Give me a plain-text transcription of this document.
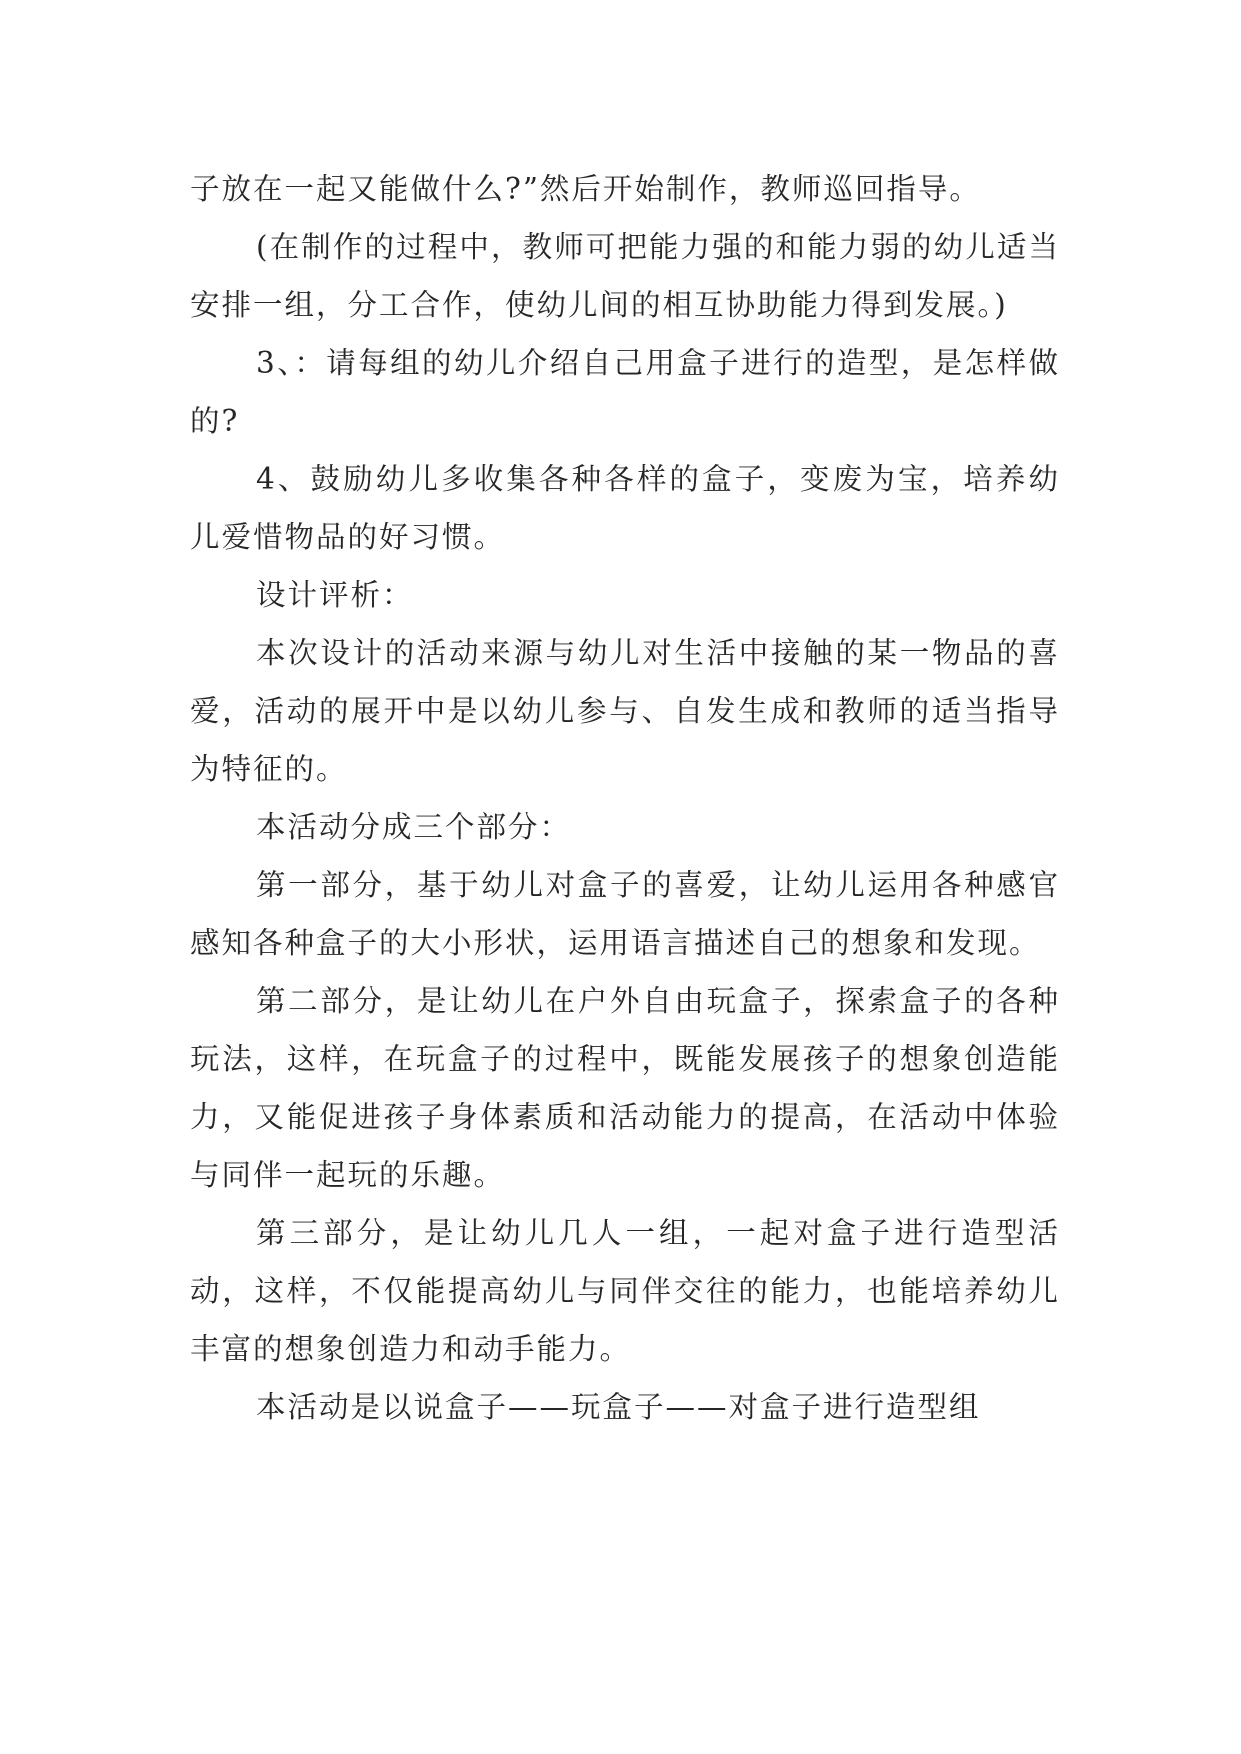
子放在一起又能做什么?”然后开始制作，教师巡回指导。

(在制作的过程中，教师可把能力强的和能力弱的幼儿适当安排一组，分工合作，使幼儿间的相互协助能力得到发展。)

3、：请每组的幼儿介绍自己用盒子进行的造型，是怎样做的?

4、鼓励幼儿多收集各种各样的盒子，变废为宝，培养幼儿爱惜物品的好习惯。

设计评析：

本次设计的活动来源与幼儿对生活中接触的某一物品的喜爱，活动的展开中是以幼儿参与、自发生成和教师的适当指导为特征的。

本活动分成三个部分：

第一部分，基于幼儿对盒子的喜爱，让幼儿运用各种感官感知各种盒子的大小形状，运用语言描述自己的想象和发现。

第二部分，是让幼儿在户外自由玩盒子，探索盒子的各种玩法，这样，在玩盒子的过程中，既能发展孩子的想象创造能力，又能促进孩子身体素质和活动能力的提高，在活动中体验与同伴一起玩的乐趣。

第三部分，是让幼儿几人一组，一起对盒子进行造型活动，这样，不仅能提高幼儿与同伴交往的能力，也能培养幼儿丰富的想象创造力和动手能力。

本活动是以说盒子——玩盒子——对盒子进行造型组
